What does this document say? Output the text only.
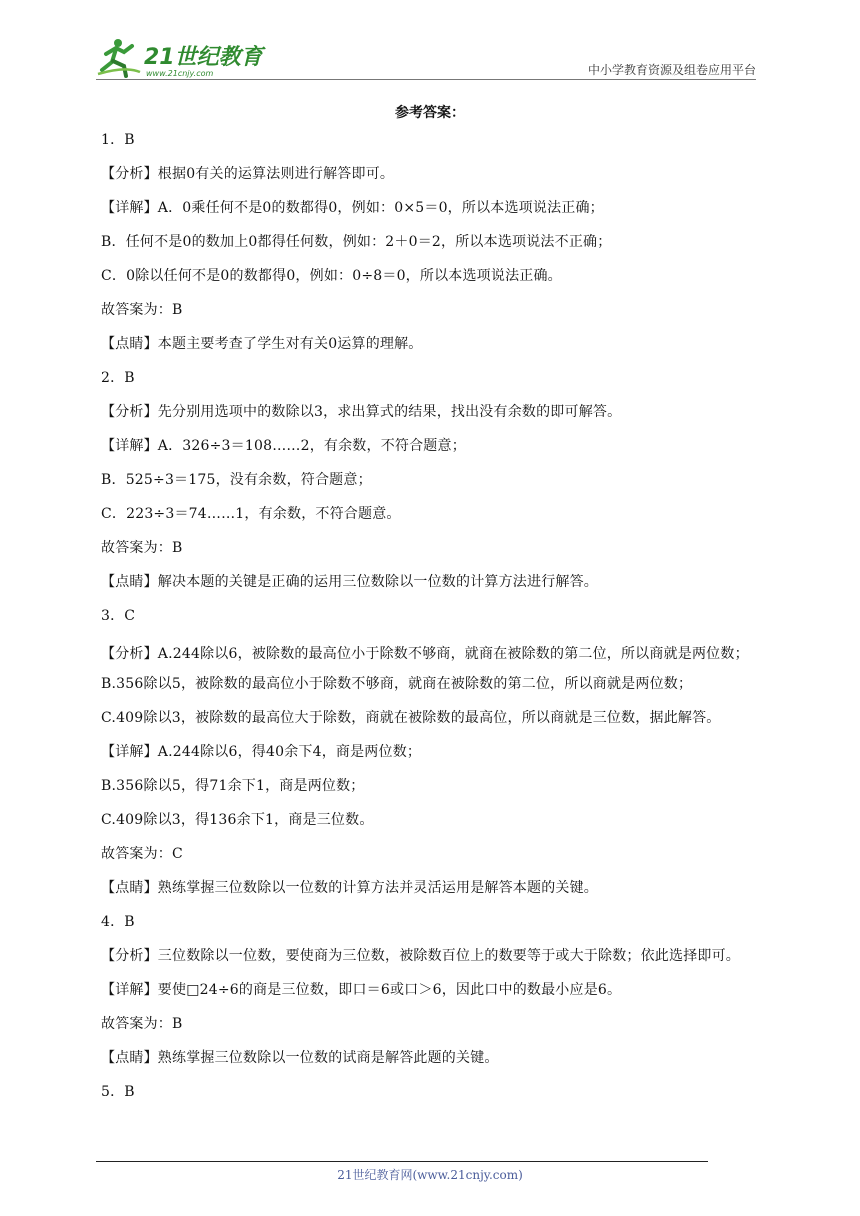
21世纪教育
www.21cnjy.com	中小学教育资源及组卷应用平台
参考答案：
1．B
【分析】根据0有关的运算法则进行解答即可。
【详解】A．0乘任何不是0的数都得0，例如：0×5＝0，所以本选项说法正确；
B．任何不是0的数加上0都得任何数，例如：2＋0＝2，所以本选项说法不正确；
C．0除以任何不是0的数都得0，例如：0÷8＝0，所以本选项说法正确。
故答案为：B
【点睛】本题主要考查了学生对有关0运算的理解。
2．B
【分析】先分别用选项中的数除以3，求出算式的结果，找出没有余数的即可解答。
【详解】A．326÷3＝108……2，有余数，不符合题意；
B．525÷3＝175，没有余数，符合题意；
C．223÷3＝74……1，有余数，不符合题意。
故答案为：B
【点睛】解决本题的关键是正确的运用三位数除以一位数的计算方法进行解答。
3．C
【分析】A.244除以6，被除数的最高位小于除数不够商，就商在被除数的第二位，所以商就是两位数；
B.356除以5，被除数的最高位小于除数不够商，就商在被除数的第二位，所以商就是两位数；
C.409除以3，被除数的最高位大于除数，商就在被除数的最高位，所以商就是三位数，据此解答。
【详解】A.244除以6，得40余下4，商是两位数；
B.356除以5，得71余下1，商是两位数；
C.409除以3，得136余下1，商是三位数。
故答案为：C
【点睛】熟练掌握三位数除以一位数的计算方法并灵活运用是解答本题的关键。
4．B
【分析】三位数除以一位数，要使商为三位数，被除数百位上的数要等于或大于除数；依此选择即可。
【详解】要使□24÷6的商是三位数，即口＝6或口＞6，因此口中的数最小应是6。
故答案为：B
【点睛】熟练掌握三位数除以一位数的试商是解答此题的关键。
5．B
21世纪教育网(www.21cnjy.com)
